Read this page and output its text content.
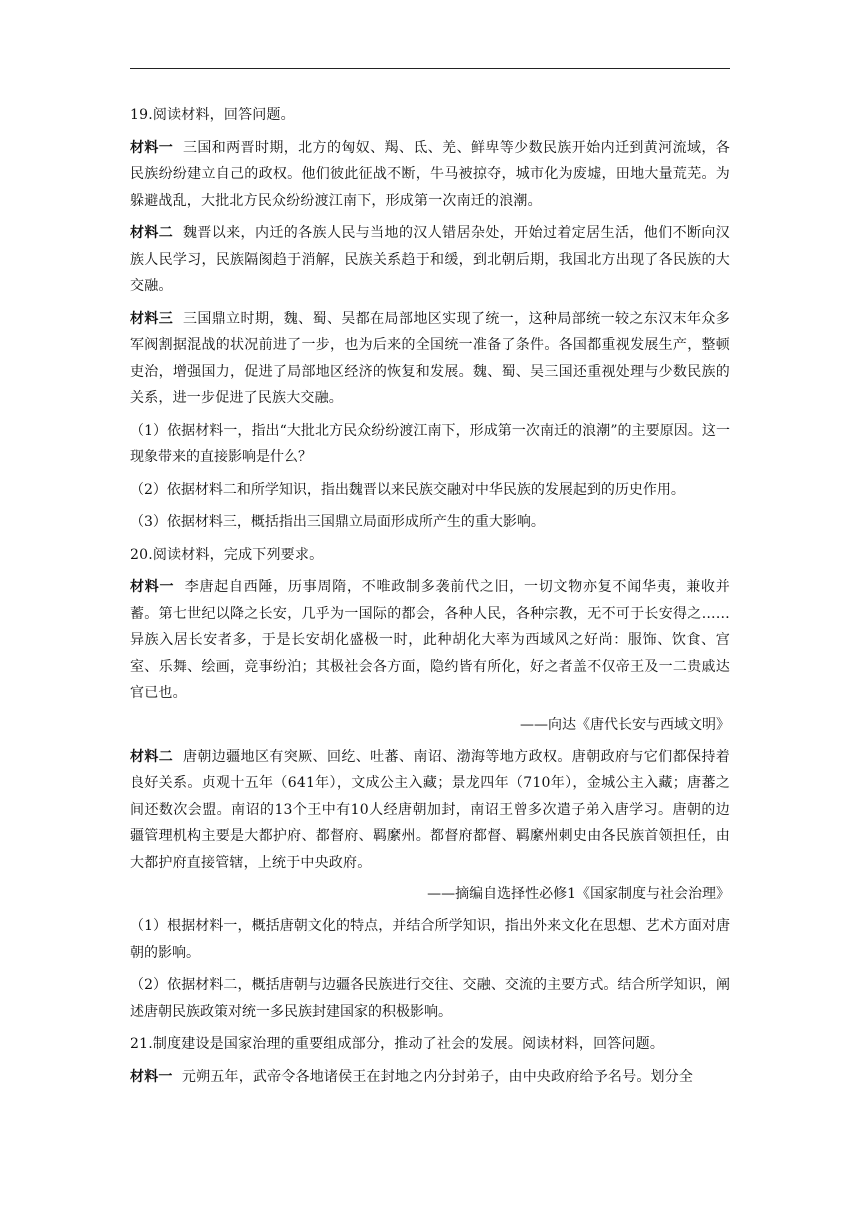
19.阅读材料，回答问题。

材料一 三国和两晋时期，北方的匈奴、羯、氐、羌、鲜卑等少数民族开始内迁到黄河流域，各民族纷纷建立自己的政权。他们彼此征战不断，牛马被掠夺，城市化为废墟，田地大量荒芜。为躲避战乱，大批北方民众纷纷渡江南下，形成第一次南迁的浪潮。

材料二 魏晋以来，内迁的各族人民与当地的汉人错居杂处，开始过着定居生活，他们不断向汉族人民学习，民族隔阂趋于消解，民族关系趋于和缓，到北朝后期，我国北方出现了各民族的大交融。

材料三 三国鼎立时期，魏、蜀、吴都在局部地区实现了统一，这种局部统一较之东汉末年众多军阀割据混战的状况前进了一步，也为后来的全国统一准备了条件。各国都重视发展生产，整顿吏治，增强国力，促进了局部地区经济的恢复和发展。魏、蜀、吴三国还重视处理与少数民族的关系，进一步促进了民族大交融。

（1）依据材料一，指出“大批北方民众纷纷渡江南下，形成第一次南迁的浪潮”的主要原因。这一现象带来的直接影响是什么？

（2）依据材料二和所学知识，指出魏晋以来民族交融对中华民族的发展起到的历史作用。

（3）依据材料三，概括指出三国鼎立局面形成所产生的重大影响。

20.阅读材料，完成下列要求。

材料一 李唐起自西陲，历事周隋，不唯政制多袭前代之旧，一切文物亦复不闻华夷，兼收并蓄。第七世纪以降之长安，几乎为一国际的都会，各种人民，各种宗教，无不可于长安得之……异族入居长安者多，于是长安胡化盛极一时，此种胡化大率为西域风之好尚：服饰、饮食、宫室、乐舞、绘画，竞事纷泊；其极社会各方面，隐约皆有所化，好之者盖不仅帝王及一二贵戚达官已也。

——向达《唐代长安与西域文明》

材料二 唐朝边疆地区有突厥、回纥、吐蕃、南诏、渤海等地方政权。唐朝政府与它们都保持着良好关系。贞观十五年（641年），文成公主入藏；景龙四年（710年），金城公主入藏；唐蕃之间还数次会盟。南诏的13个王中有10人经唐朝加封，南诏王曾多次遣子弟入唐学习。唐朝的边疆管理机构主要是大都护府、都督府、羁縻州。都督府都督、羁縻州刺史由各民族首领担任，由大都护府直接管辖，上统于中央政府。

——摘编自选择性必修1《国家制度与社会治理》

（1）根据材料一，概括唐朝文化的特点，并结合所学知识，指出外来文化在思想、艺术方面对唐朝的影响。

（2）依据材料二，概括唐朝与边疆各民族进行交往、交融、交流的主要方式。结合所学知识，阐述唐朝民族政策对统一多民族封建国家的积极影响。

21.制度建设是国家治理的重要组成部分，推动了社会的发展。阅读材料，回答问题。

材料一 元朔五年，武帝令各地诸侯王在封地之内分封弟子，由中央政府给予名号。划分全
